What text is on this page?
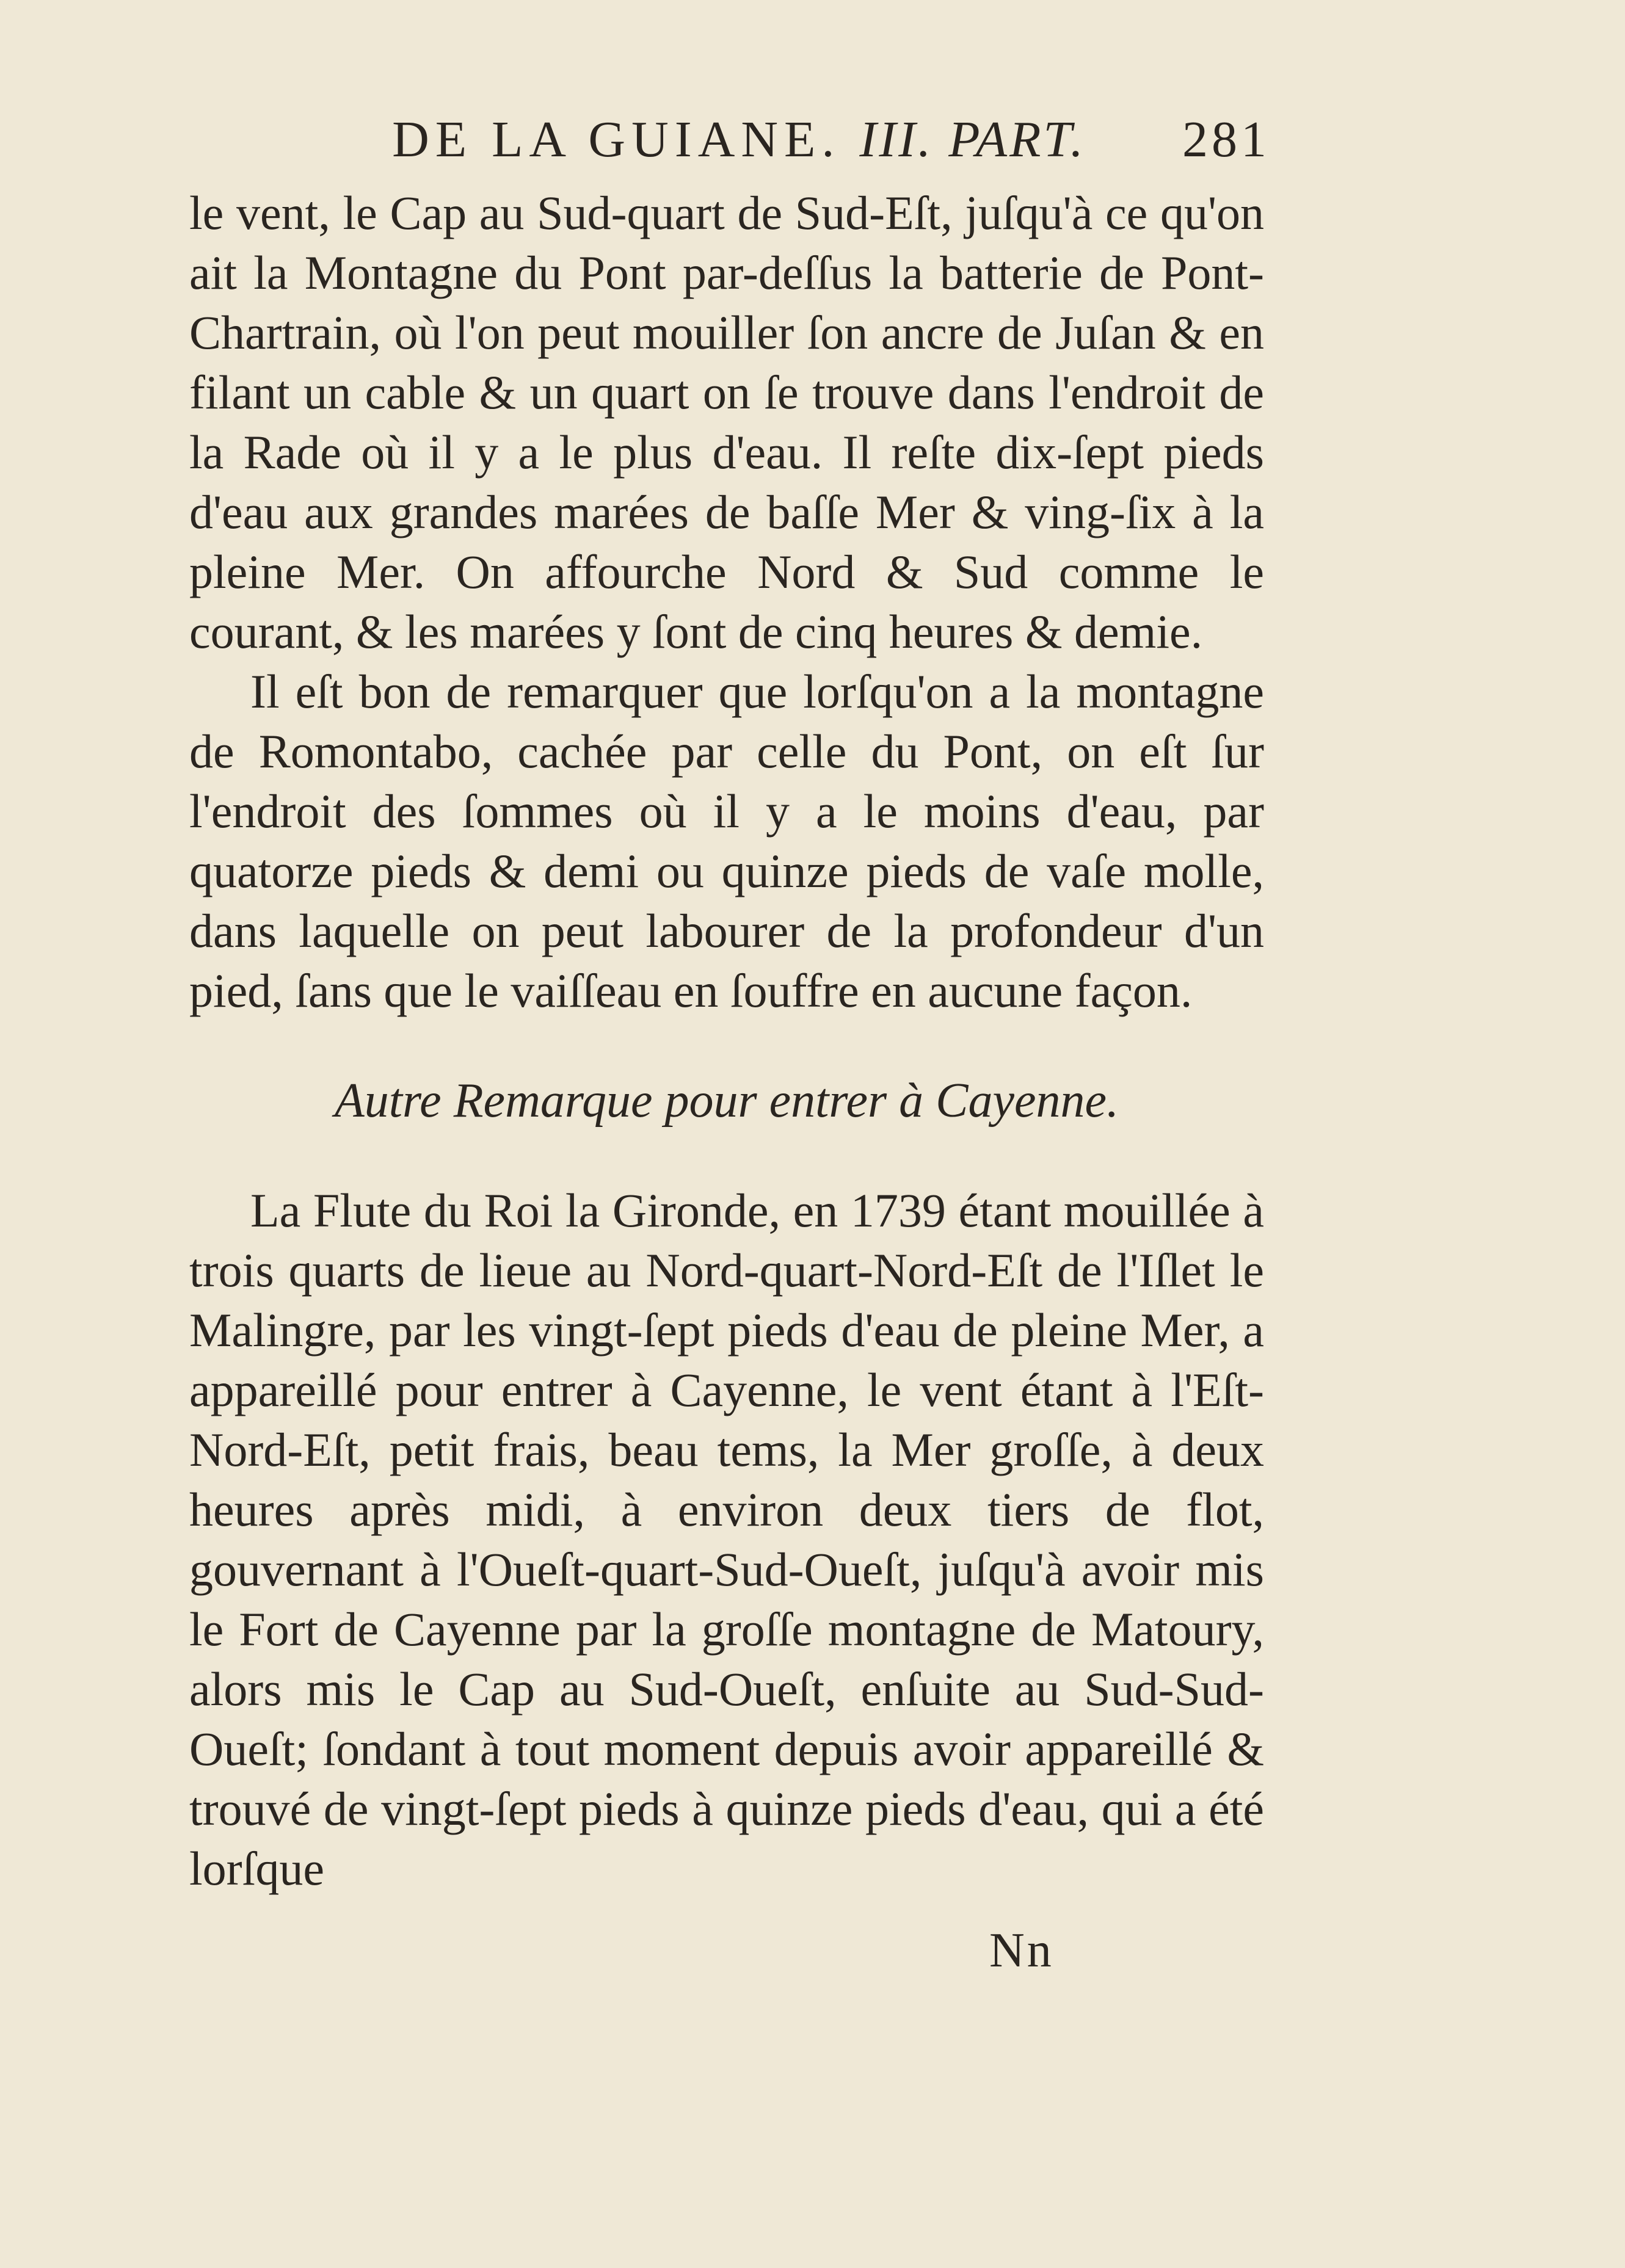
DE LA GUIANE. III. PART. 281

le vent, le Cap au Sud-quart de Sud-Eſt, juſqu'à ce qu'on ait la Montagne du Pont par-deſſus la batterie de Pont-Chartrain, où l'on peut mouiller ſon ancre de Juſan & en filant un cable & un quart on ſe trouve dans l'endroit de la Rade où il y a le plus d'eau. Il reſte dix-ſept pieds d'eau aux grandes marées de baſſe Mer & ving-ſix à la pleine Mer. On affourche Nord & Sud comme le courant, & les marées y ſont de cinq heures & demie.

Il eſt bon de remarquer que lorſqu'on a la montagne de Romontabo, cachée par celle du Pont, on eſt ſur l'endroit des ſommes où il y a le moins d'eau, par quatorze pieds & demi ou quinze pieds de vaſe molle, dans laquelle on peut labourer de la profondeur d'un pied, ſans que le vaiſſeau en ſouffre en aucune façon.

Autre Remarque pour entrer à Cayenne.

La Flute du Roi la Gironde, en 1739 étant mouillée à trois quarts de lieue au Nord-quart-Nord-Eſt de l'Iſlet le Malingre, par les vingt-ſept pieds d'eau de pleine Mer, a appareillé pour entrer à Cayenne, le vent étant à l'Eſt-Nord-Eſt, petit frais, beau tems, la Mer groſſe, à deux heures après midi, à environ deux tiers de flot, gouvernant à l'Oueſt-quart-Sud-Oueſt, juſqu'à avoir mis le Fort de Cayenne par la groſſe montagne de Matoury, alors mis le Cap au Sud-Oueſt, enſuite au Sud-Sud-Oueſt; ſondant à tout moment depuis avoir appareillé & trouvé de vingt-ſept pieds à quinze pieds d'eau, qui a été lorſque

Nn
